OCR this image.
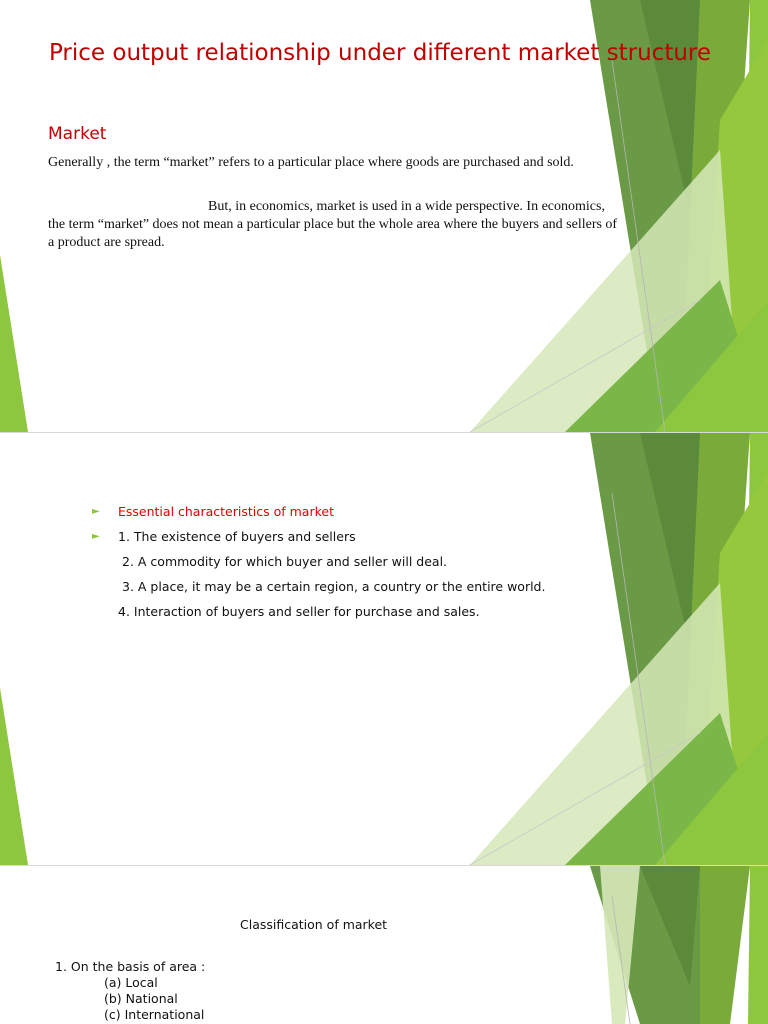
Price output relationship under different market structure
Market

Generally , the term “market” refers to a particular place where goods are purchased and sold.

But, in economics, market is used in a wide perspective. In economics, the term “market” does not mean a particular place but the whole area where the buyers and sellers of a product are spread.

► Essential characteristics of market
► 1. The existence of buyers and sellers
2. A commodity for which buyer and seller will deal.
3. A place, it may be a certain region, a country or the entire world.
4. Interaction of buyers and seller for purchase and sales.
Classification of market
1. On the basis of area :
(a) Local
(b) National
(c) International
